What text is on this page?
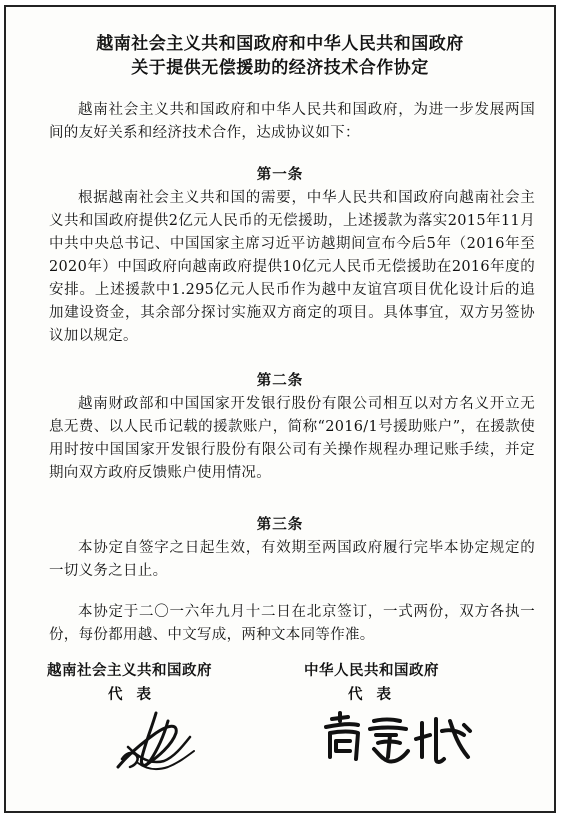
越南社会主义共和国政府和中华人民共和国政府
关于提供无偿援助的经济技术合作协定
越南社会主义共和国政府和中华人民共和国政府，为进一步发展两国间的友好关系和经济技术合作，达成协议如下：
第一条
根据越南社会主义共和国的需要，中华人民共和国政府向越南社会主义共和国政府提供2亿元人民币的无偿援助，上述援款为落实2015年11月中共中央总书记、中国国家主席习近平访越期间宣布今后5年（2016年至2020年）中国政府向越南政府提供10亿元人民币无偿援助在2016年度的安排。上述援款中1.295亿元人民币作为越中友谊宫项目优化设计后的追加建设资金，其余部分探讨实施双方商定的项目。具体事宜，双方另签协议加以规定。
第二条
越南财政部和中国国家开发银行股份有限公司相互以对方名义开立无息无费、以人民币记载的援款账户，简称“2016/1号援助账户”，在援款使用时按中国国家开发银行股份有限公司有关操作规程办理记账手续，并定期向双方政府反馈账户使用情况。
第三条
本协定自签字之日起生效，有效期至两国政府履行完毕本协定规定的一切义务之日止。
本协定于二〇一六年九月十二日在北京签订，一式两份，双方各执一份，每份都用越、中文写成，两种文本同等作准。
越南社会主义共和国政府
代表
中华人民共和国政府
代表
